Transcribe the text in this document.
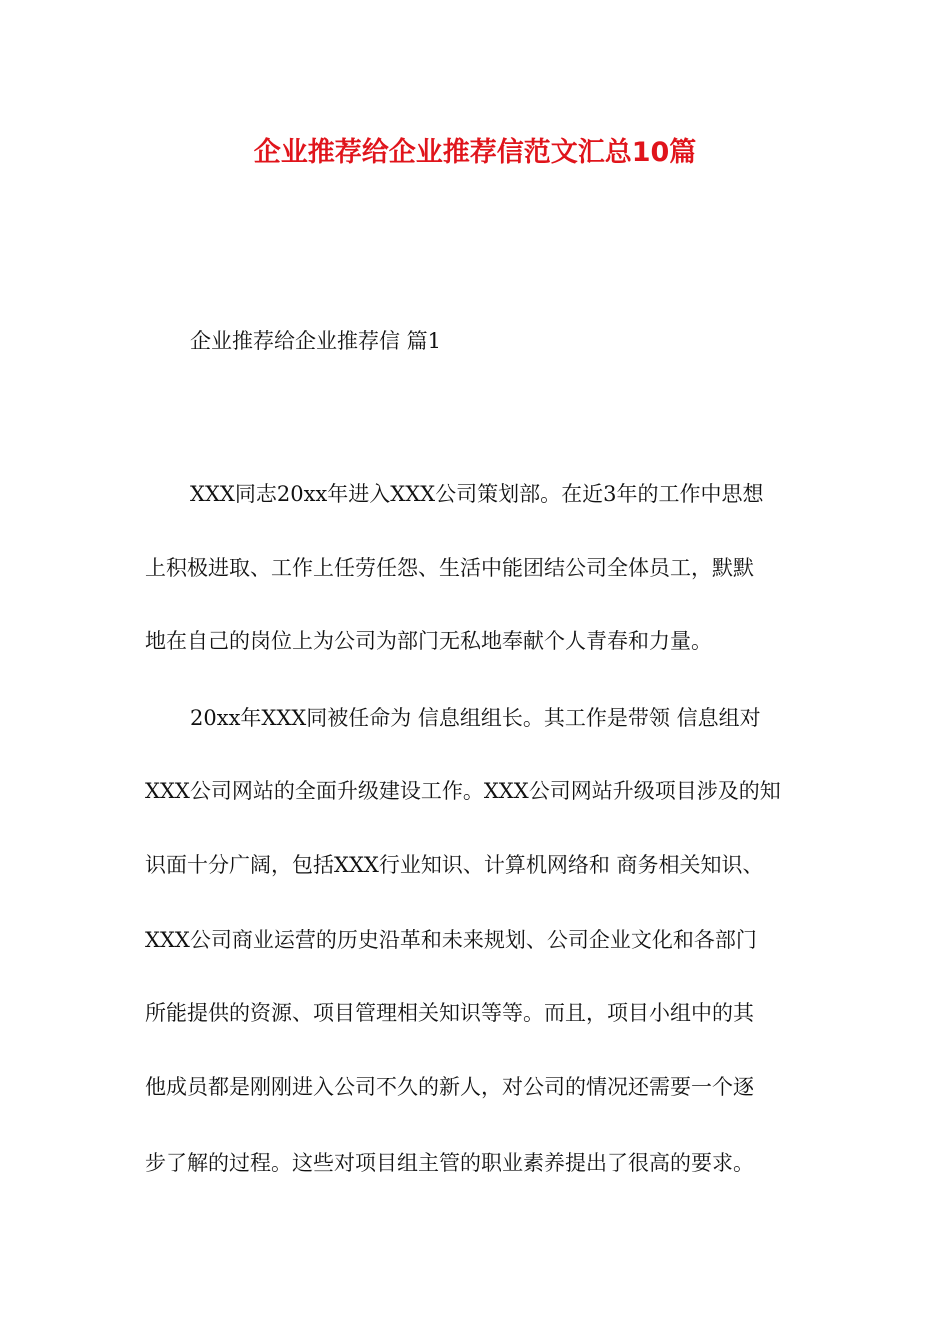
企业推荐给企业推荐信范文汇总10篇

企业推荐给企业推荐信 篇1

XXX同志20xx年进入XXX公司策划部。在近3年的工作中思想

上积极进取、工作上任劳任怨、生活中能团结公司全体员工，默默

地在自己的岗位上为公司为部门无私地奉献个人青春和力量。

20xx年XXX同被任命为 信息组组长。其工作是带领 信息组对

XXX公司网站的全面升级建设工作。XXX公司网站升级项目涉及的知

识面十分广阔，包括XXX行业知识、计算机网络和 商务相关知识、

XXX公司商业运营的历史沿革和未来规划、公司企业文化和各部门

所能提供的资源、项目管理相关知识等等。而且，项目小组中的其

他成员都是刚刚进入公司不久的新人，对公司的情况还需要一个逐

步了解的过程。这些对项目组主管的职业素养提出了很高的要求。
